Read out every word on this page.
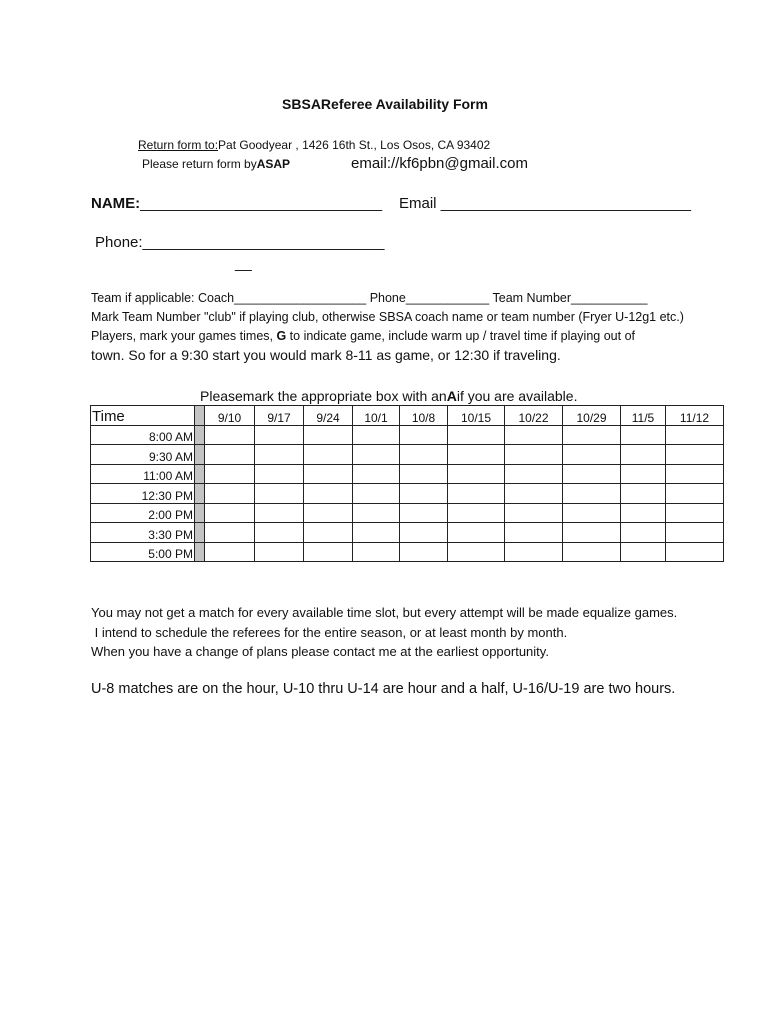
SBSAReferee Availability Form
Return form to:Pat Goodyear , 1426 16th St., Los Osos, CA 93402
Please return form byASAP	email://kf6pbn@gmail.com
NAME:_____________________________ Email ______________________________
Phone:_____________________________
__
Team if applicable: Coach___________________ Phone____________ Team Number___________
Mark Team Number "club" if playing club, otherwise SBSA coach name or team number (Fryer U-12g1 etc.)
Players, mark your games times, G to indicate game, include warm up / travel time if playing out of
town. So for a 9:30 start you would mark 8-11 as game, or 12:30 if traveling.
Pleasemark the appropriate box with anAif you are available.
Time		9/10	9/17	9/24	10/1	10/8	10/15	10/22	10/29	11/5	11/12
8:00 AM											
9:30 AM											
11:00 AM											
12:30 PM											
2:00 PM											
3:30 PM											
5:00 PM											
You may not get a match for every available time slot, but every attempt will be made equalize games.
I intend to schedule the referees for the entire season, or at least month by month.
When you have a change of plans please contact me at the earliest opportunity.
U-8 matches are on the hour, U-10 thru U-14 are hour and a half, U-16/U-19 are two hours.
